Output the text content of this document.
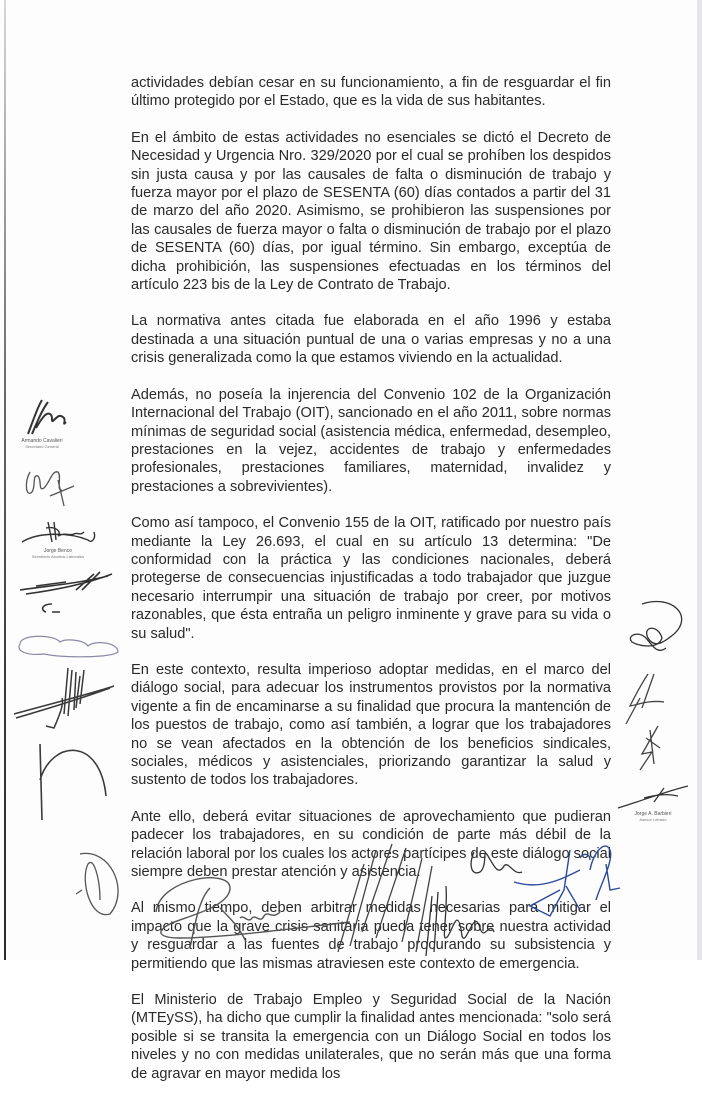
actividades debían cesar en su funcionamiento, a fin de resguardar el fin último protegido por el Estado, que es la vida de sus habitantes.

En el ámbito de estas actividades no esenciales se dictó el Decreto de Necesidad y Urgencia Nro. 329/2020 por el cual se prohíben los despidos sin justa causa y por las causales de falta o disminución de trabajo y fuerza mayor por el plazo de SESENTA (60) días contados a partir del 31 de marzo del año 2020. Asimismo, se prohibieron las suspensiones por las causales de fuerza mayor o falta o disminución de trabajo por el plazo de SESENTA (60) días, por igual término. Sin embargo, exceptúa de dicha prohibición, las suspensiones efectuadas en los términos del artículo 223 bis de la Ley de Contrato de Trabajo.

La normativa antes citada fue elaborada en el año 1996 y estaba destinada a una situación puntual de una o varias empresas y no a una crisis generalizada como la que estamos viviendo en la actualidad.

Además, no poseía la injerencia del Convenio 102 de la Organización Internacional del Trabajo (OIT), sancionado en el año 2011, sobre normas mínimas de seguridad social (asistencia médica, enfermedad, desempleo, prestaciones en la vejez, accidentes de trabajo y enfermedades profesionales, prestaciones familiares, maternidad, invalidez y prestaciones a sobrevivientes).

Como así tampoco, el Convenio 155 de la OIT, ratificado por nuestro país mediante la Ley 26.693, el cual en su artículo 13 determina: "De conformidad con la práctica y las condiciones nacionales, deberá protegerse de consecuencias injustificadas a todo trabajador que juzgue necesario interrumpir una situación de trabajo por creer, por motivos razonables, que ésta entraña un peligro inminente y grave para su vida o su salud".

En este contexto, resulta imperioso adoptar medidas, en el marco del diálogo social, para adecuar los instrumentos provistos por la normativa vigente a fin de encaminarse a su finalidad que procura la mantención de los puestos de trabajo, como así también, a lograr que los trabajadores no se vean afectados en la obtención de los beneficios sindicales, sociales, médicos y asistenciales, priorizando garantizar la salud y sustento de todos los trabajadores.

Ante ello, deberá evitar situaciones de aprovechamiento que pudieran padecer los trabajadores, en su condición de parte más débil de la relación laboral por los cuales los actores partícipes de este diálogo social siempre deben prestar atención y asistencia.

Al mismo tiempo, deben arbitrar medidas necesarias para mitigar el impacto que la grave crisis sanitaria pueda tener sobre nuestra actividad y resguardar a las fuentes de trabajo procurando su subsistencia y permitiendo que las mismas atraviesen este contexto de emergencia.

El Ministerio de Trabajo Empleo y Seguridad Social de la Nación (MTEySS), ha dicho que cumplir la finalidad antes mencionada: "solo será posible si se transita la emergencia con un Diálogo Social en todos los niveles y no con medidas unilaterales, que no serán más que una forma de agravar en mayor medida los

Armando Cavalieri
Secretario General
Jorge Bence
Secretario Asuntos Laborales
Jorge A. Barbieri
Asesor Letrado
